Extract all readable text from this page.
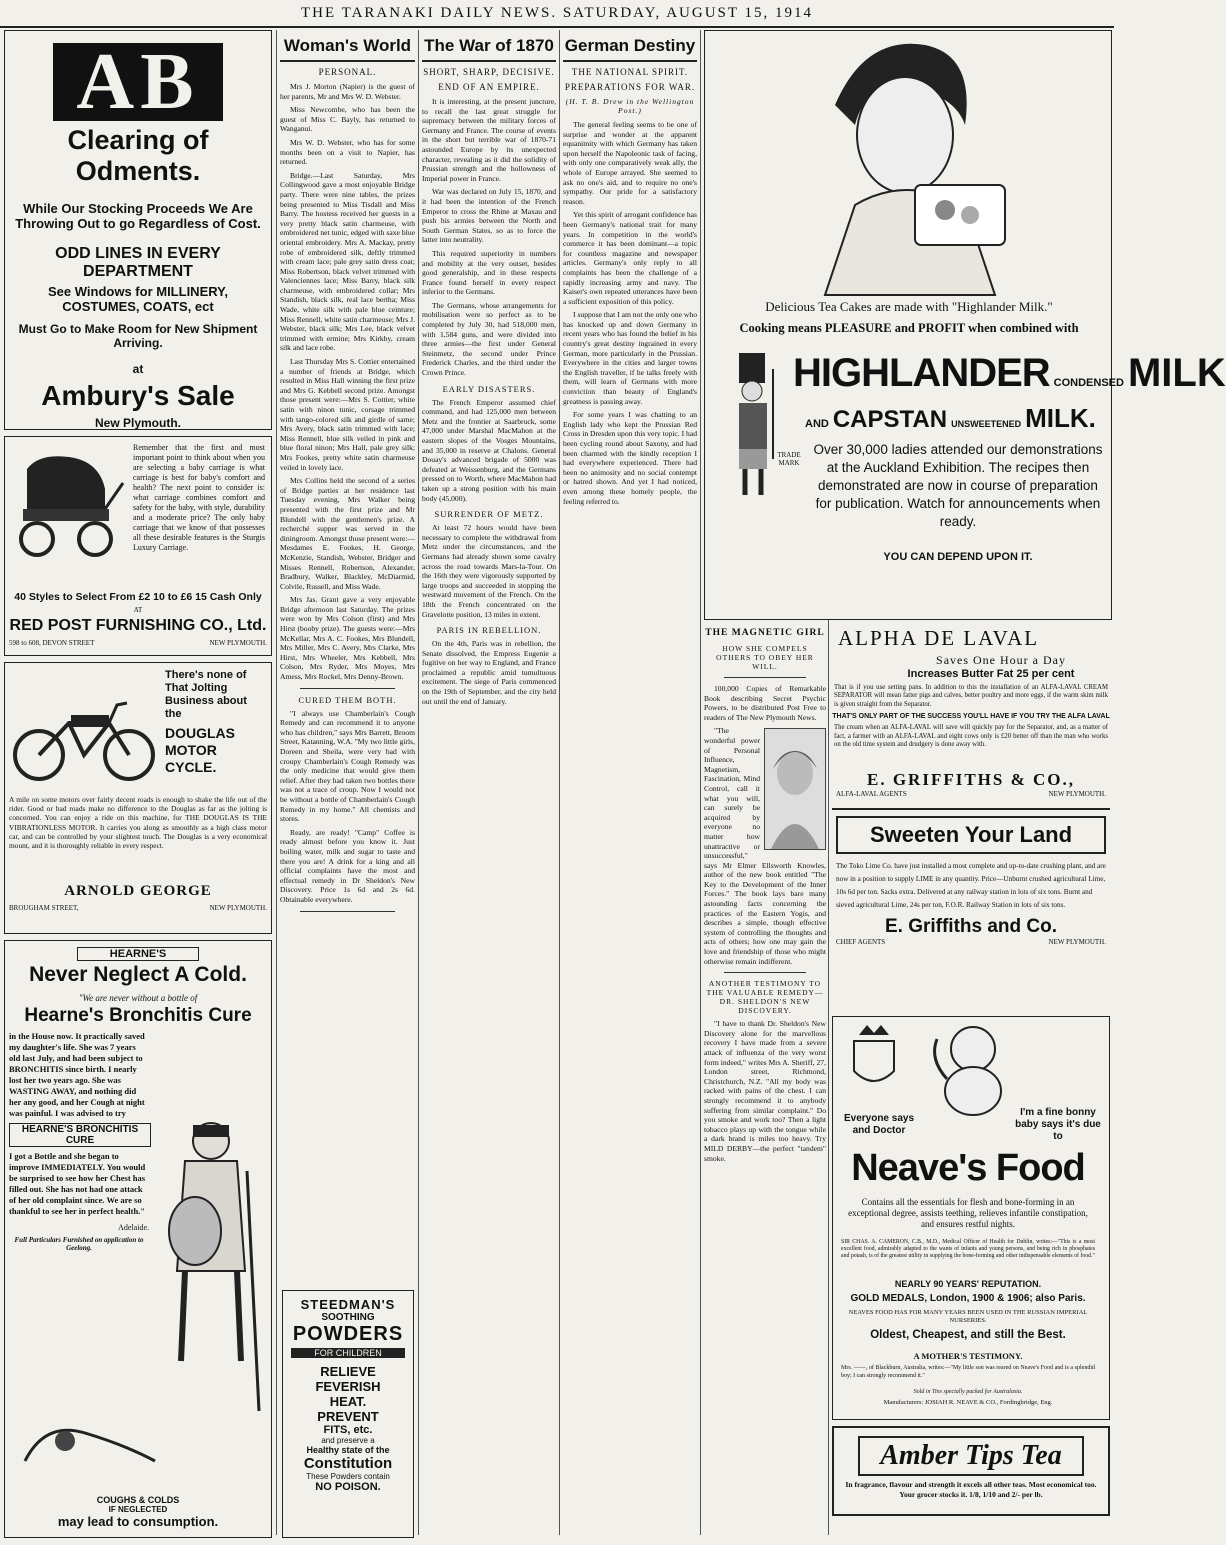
THE TARANAKI DAILY NEWS. SATURDAY, AUGUST 15, 1914
AB
Clearing of Odments.
While Our Stocking Proceeds We Are Throwing Out to go Regardless of Cost.
ODD LINES IN EVERY DEPARTMENT
See Windows for MILLINERY, COSTUMES, COATS, ect
Must Go to Make Room for New Shipment Arriving.
at
Ambury's Sale
New Plymouth.
Remember that the first and most important point to think about when you are selecting a baby carriage is what carriage is best for baby's comfort and health? The next point to consider is: what carriage combines comfort and safety for the baby, with style, durability and a moderate price? The only baby carriage that we know of that possesses all these desirable features is the Sturgis Luxury Carriage.
40 Styles to Select From £2 10 to £6 15 Cash Only
AT
RED POST FURNISHING CO., Ltd.
598 to 608, DEVON STREET	NEW PLYMOUTH.
There's none of That Jolting Business about the
DOUGLAS MOTOR CYCLE.
A mile on some motors over fairly decent roads is enough to shake the life out of the rider. Good or bad roads make no difference to the Douglas as far as the jolting is concerned. You can enjoy a ride on this machine, for THE DOUGLAS IS THE VIBRATIONLESS MOTOR. It carries you along as smoothly as a high class motor car, and can be controlled by your slightest touch. The Douglas is a very economical mount, and it is thoroughly reliable in every respect.
ARNOLD GEORGE
BROUGHAM STREET,	NEW PLYMOUTH.
HEARNE'S
Never Neglect A Cold.
"We are never without a bottle of
Hearne's Bronchitis Cure
in the House now. It practically saved my daughter's life. She was 7 years old last July, and had been subject to BRONCHITIS since birth. I nearly lost her two years ago. She was WASTING AWAY, and nothing did her any good, and her Cough at night was painful. I was advised to try
HEARNE'S BRONCHITIS CURE
I got a Bottle and she began to improve IMMEDIATELY. You would be surprised to see how her Chest has filled out. She has not had one attack of her old complaint since. We are so thankful to see her in perfect health."
Adelaide.
Full Particulars Furnished on application to Geelong.
COUGHS & COLDS
IF NEGLECTED
may lead to consumption.
Woman's World
PERSONAL.

Mrs J. Morton (Napier) is the guest of her parents, Mr and Mrs W. D. Webster.

Miss Newcombe, who has been the guest of Miss C. Bayly, has returned to Wanganui.

Mrs W. D. Webster, who has for some months been on a visit to Napier, has returned.

Bridge.—Last Saturday, Mrs Collingwood gave a most enjoyable Bridge party. There were nine tables, the prizes being presented to Miss Tisdall and Miss Barry. The hostess received her guests in a very pretty black satin charmeuse, with embroidered net tunic, edged with saxe blue oriental embroidery. Mrs A. Mackay, pretty robe of embroidered silk, deftly trimmed with cream lace; pale grey satin dress coat; Miss Robertson, black velvet trimmed with Valenciennes lace; Miss Barry, black silk charmeuse, with embroidered collar; Mrs Standish, black silk, real lace bertha; Miss Wade, white silk with pale blue ceinture; Miss Rennell, white satin charmeuse; Mrs J. Webster, black silk; Mrs Lee, black velvet trimmed with ermine; Mrs Kirkby, cream silk and lace robe.

Last Thursday Mrs S. Cottier entertained a number of friends at Bridge, which resulted in Miss Hall winning the first prize and Mrs G. Kebbell second prize. Amongst those present were:—Mrs S. Cottier, white satin with ninon tunic, corsage trimmed with tango-colored silk and girdle of same; Mrs Avery, black satin trimmed with lace; Miss Rennell, blue silk veiled in pink and blue floral ninon; Mrs Hall, pale grey silk; Mrs Fookes, pretty white satin charmeuse veiled in lovely lace.

Mrs Collins held the second of a series of Bridge parties at her residence last Tuesday evening, Mrs Walker being presented with the first prize and Mr Blundell with the gentlemen's prize. A recherché supper was served in the diningroom. Amongst those present were:—Mesdames E. Fookes, H. George, McKenzie, Standish, Webster, Bridger and Misses Rennell, Robertson, Alexander, Bradbury, Walker, Blackley, McDiarmid, Colvile, Russell, and Miss Wade.

Mrs Jas. Grant gave a very enjoyable Bridge afternoon last Saturday. The prizes were won by Mrs Colson (first) and Mrs Hirst (booby prize). The guests were:—Mrs McKellar, Mrs A. C. Fookes, Mrs Blundell, Mrs Miller, Mrs C. Avery, Mrs Clarke, Mrs Hirst, Mrs Wheeler, Mrs Kebbell, Mrs Colson, Mrs Ryder, Mrs Moyes, Mrs Amess, Mrs Rockel, Mrs Denny-Brown.

CURED THEM BOTH.

"I always use Chamberlain's Cough Remedy and can recommend it to anyone who has children," says Mrs Barrett, Broom Street, Katanning, W.A. "My two little girls, Doreen and Sheila, were very bad with croupy Chamberlain's Cough Remedy was the only medicine that would give them relief. After they had taken two bottles there was not a trace of croup. Now I would not be without a bottle of Chamberlain's Cough Remedy in my home." All chemists and stores.

Ready, are ready! "Camp" Coffee is ready almost before you know it. Just boiling water, milk and sugar to taste and there you are! A drink for a king and all official complaints have the most and effectual remedy in Dr Sheldon's New Discovery. Price 1s 6d and 2s 6d. Obtainable everywhere.

STEEDMAN'S
SOOTHING
POWDERS
FOR CHILDREN
RELIEVE
FEVERISH
HEAT.
PREVENT
FITS, etc.
and preserve a
Healthy state of the
Constitution
These Powders contain
NO POISON.
The War of 1870
SHORT, SHARP, DECISIVE.
END OF AN EMPIRE.

It is interesting, at the present juncture, to recall the last great struggle for supremacy between the military forces of Germany and France. The course of events in the short but terrible war of 1870-71 astounded Europe by its unexpected character, revealing as it did the solidity of Prussian strength and the hollowness of Imperial power in France.

War was declared on July 15, 1870, and it had been the intention of the French Emperor to cross the Rhine at Maxau and push his armies between the North and South German States, so as to force the latter into neutrality.

This required superiority in numbers and mobility at the very outset, besides good generalship, and in these respects France found herself in every respect inferior to the Germans.

The Germans, whose arrangements for mobilisation were so perfect as to be completed by July 30, had 518,000 men, with 1,584 guns, and were divided into three armies—the first under General Steinmetz, the second under Prince Frederick Charles, and the third under the Crown Prince.

EARLY DISASTERS.

The French Emperor assumed chief command, and had 125,000 men between Metz and the frontier at Saarbruck, some 47,000 under Marshal MacMahon at the eastern slopes of the Vosges Mountains, and 35,000 in reserve at Chalons. General Douay's advanced brigade of 5000 was defeated at Weissenburg, and the Germans pressed on to Worth, where MacMahon had taken up a strong position with his main body (45,000).

SURRENDER OF METZ.

At least 72 hours would have been necessary to complete the withdrawal from Metz under the circumstances, and the Germans had already shown some cavalry across the road towards Mars-la-Tour. On the 16th they were vigorously supported by large troops and succeeded in stopping the westward movement of the French. On the 18th the French concentrated on the Gravelotte position, 13 miles in extent.

PARIS IN REBELLION.

On the 4th, Paris was in rebellion, the Senate dissolved, the Empress Eugenie a fugitive on her way to England, and France proclaimed a republic amid tumultuous excitement. The siege of Paris commenced on the 19th of September, and the city held out until the end of January.

German Destiny
THE NATIONAL SPIRIT.
PREPARATIONS FOR WAR.
(H. T. B. Drew in the Wellington Post.)

The general feeling seems to be one of surprise and wonder at the apparent equanimity with which Germany has taken upon herself the Napoleonic task of facing, with only one comparatively weak ally, the whole of Europe arrayed. She seemed to ask no one's aid, and to require no one's sympathy. Our pride for a satisfactory reason.

Yet this spirit of arrogant confidence has been Germany's national trait for many years. In competition in the world's commerce it has been dominant—a topic for countless magazine and newspaper articles. Germany's only reply to all complaints has been the challenge of a rapidly increasing army and navy. The Kaiser's own repeated utterances have been a sufficient exposition of this policy.

I suppose that I am not the only one who has knocked up and down Germany in recent years who has found the belief in his country's great destiny ingrained in every German, more particularly in the Prussian. Everywhere in the cities and larger towns the English traveller, if he talks freely with them, will learn of Germans with more conviction than beauty of England's greatness is passing away.

For some years I was chatting to an English lady who kept the Prussian Red Cross in Dresden upon this very topic. I had been cycling round about Saxony, and had been charmed with the kindly reception I had everywhere experienced. There had been no animosity and no social contempt or hatred shown. And yet I had noticed, even among these homely people, the feeling referred to.

THE MAGNETIC GIRL
HOW SHE COMPELS OTHERS TO OBEY HER WILL.

100,000 Copies of Remarkable Book describing Secret Psychic Powers, to be distributed Post Free to readers of The New Plymouth News.

"The wonderful power of Personal Influence, Magnetism, Fascination, Mind Control, call it what you will, can surely be acquired by everyone no matter how unattractive or unsuccessful," says Mr Elmer Ellsworth Knowles, author of the new book entitled "The Key to the Development of the Inner Forces." The book lays bare many astounding facts concerning the practices of the Eastern Yogis, and describes a simple, though effective system of controlling the thoughts and acts of others; how one may gain the love and friendship of those who might otherwise remain indifferent.

ANOTHER TESTIMONY TO THE VALUABLE REMEDY—DR. SHELDON'S NEW DISCOVERY.

"I have to thank Dr. Sheldon's New Discovery alone for the marvellous recovery I have made from a severe attack of influenza of the very worst form indeed," writes Mrs A. Sheriff, 27, London street, Richmond, Christchurch, N.Z. "All my body was racked with pains of the chest. I can strongly recommend it to anybody suffering from similar complaint." Do you smoke and work too? Then a light tobacco plays up with the tongue while a dark brand is miles too heavy. Try MILD DERBY—the perfect "tandem" smoke.

Delicious Tea Cakes are made with "Highlander Milk."
Cooking means PLEASURE and PROFIT when combined with
TRADE MARK
HIGHLANDER CONDENSED MILK
AND CAPSTAN UNSWEETENED MILK.
Over 30,000 ladies attended our demonstrations at the Auckland Exhibition. The recipes then demonstrated are now in course of preparation for publication. Watch for announcements when ready.
YOU CAN DEPEND UPON IT.
ALPHA DE LAVAL
Saves One Hour a Day
Increases Butter Fat 25 per cent
That is if you use setting pans. In addition to this the installation of an ALFA-LAVAL CREAM SEPARATOR will mean fatter pigs and calves, better poultry and more eggs, if the warm skim milk is given straight from the Separator.
THAT'S ONLY PART OF THE SUCCESS YOU'LL HAVE IF YOU TRY THE ALFA LAVAL
The cream when an ALFA-LAVAL will save will quickly pay for the Separator, and, as a matter of fact, a farmer with an ALFA-LAVAL and eight cows only is £20 better off than the man who works on the old time system and drudgery is done away with.
E. GRIFFITHS & CO.,
ALFA-LAVAL AGENTS	NEW PLYMOUTH.
Sweeten Your Land
The Toko Lime Co. have just installed a most complete and up-to-date crushing plant, and are now in a position to supply LIME in any quantity. Price—Unburnt crushed agricultural Lime, 10s 6d per ton. Sacks extra. Delivered at any railway station in lots of six tons. Burnt and sieved agricultural Lime, 24s per ton, F.O.R. Railway Station in lots of six tons.
E. Griffiths and Co.
CHIEF AGENTS	NEW PLYMOUTH.
Everyone says and Doctor
I'm a fine bonny baby says it's due to
Neave's Food
Contains all the essentials for flesh and bone-forming in an exceptional degree, assists teething, relieves infantile constipation, and ensures restful nights.
SIR CHAS. A. CAMERON, C.B., M.D., Medical Officer of Health for Dublin, writes:—"This is a most excellent food, admirably adapted to the wants of infants and young persons, and being rich in phosphates and potash, is of the greatest utility in supplying the bone-forming and other indispensable elements of food."
NEARLY 90 YEARS' REPUTATION.
GOLD MEDALS, London, 1900 & 1906; also Paris.
NEAVES FOOD HAS FOR MANY YEARS BEEN USED IN THE RUSSIAN IMPERIAL NURSERIES.
Oldest, Cheapest, and still the Best.
A MOTHER'S TESTIMONY.
Mrs. ——, of Blackburn, Australia, writes:—"My little son was reared on Neave's Food and is a splendid boy; I can strongly recommend it."
Sold in Tins specially packed for Australasia.
Manufacturers: JOSIAH R. NEAVE & CO., Fordingbridge, Eng.
Amber Tips Tea
In fragrance, flavour and strength it excels all other teas. Most economical too. Your grocer stocks it. 1/8, 1/10 and 2/- per lb.
